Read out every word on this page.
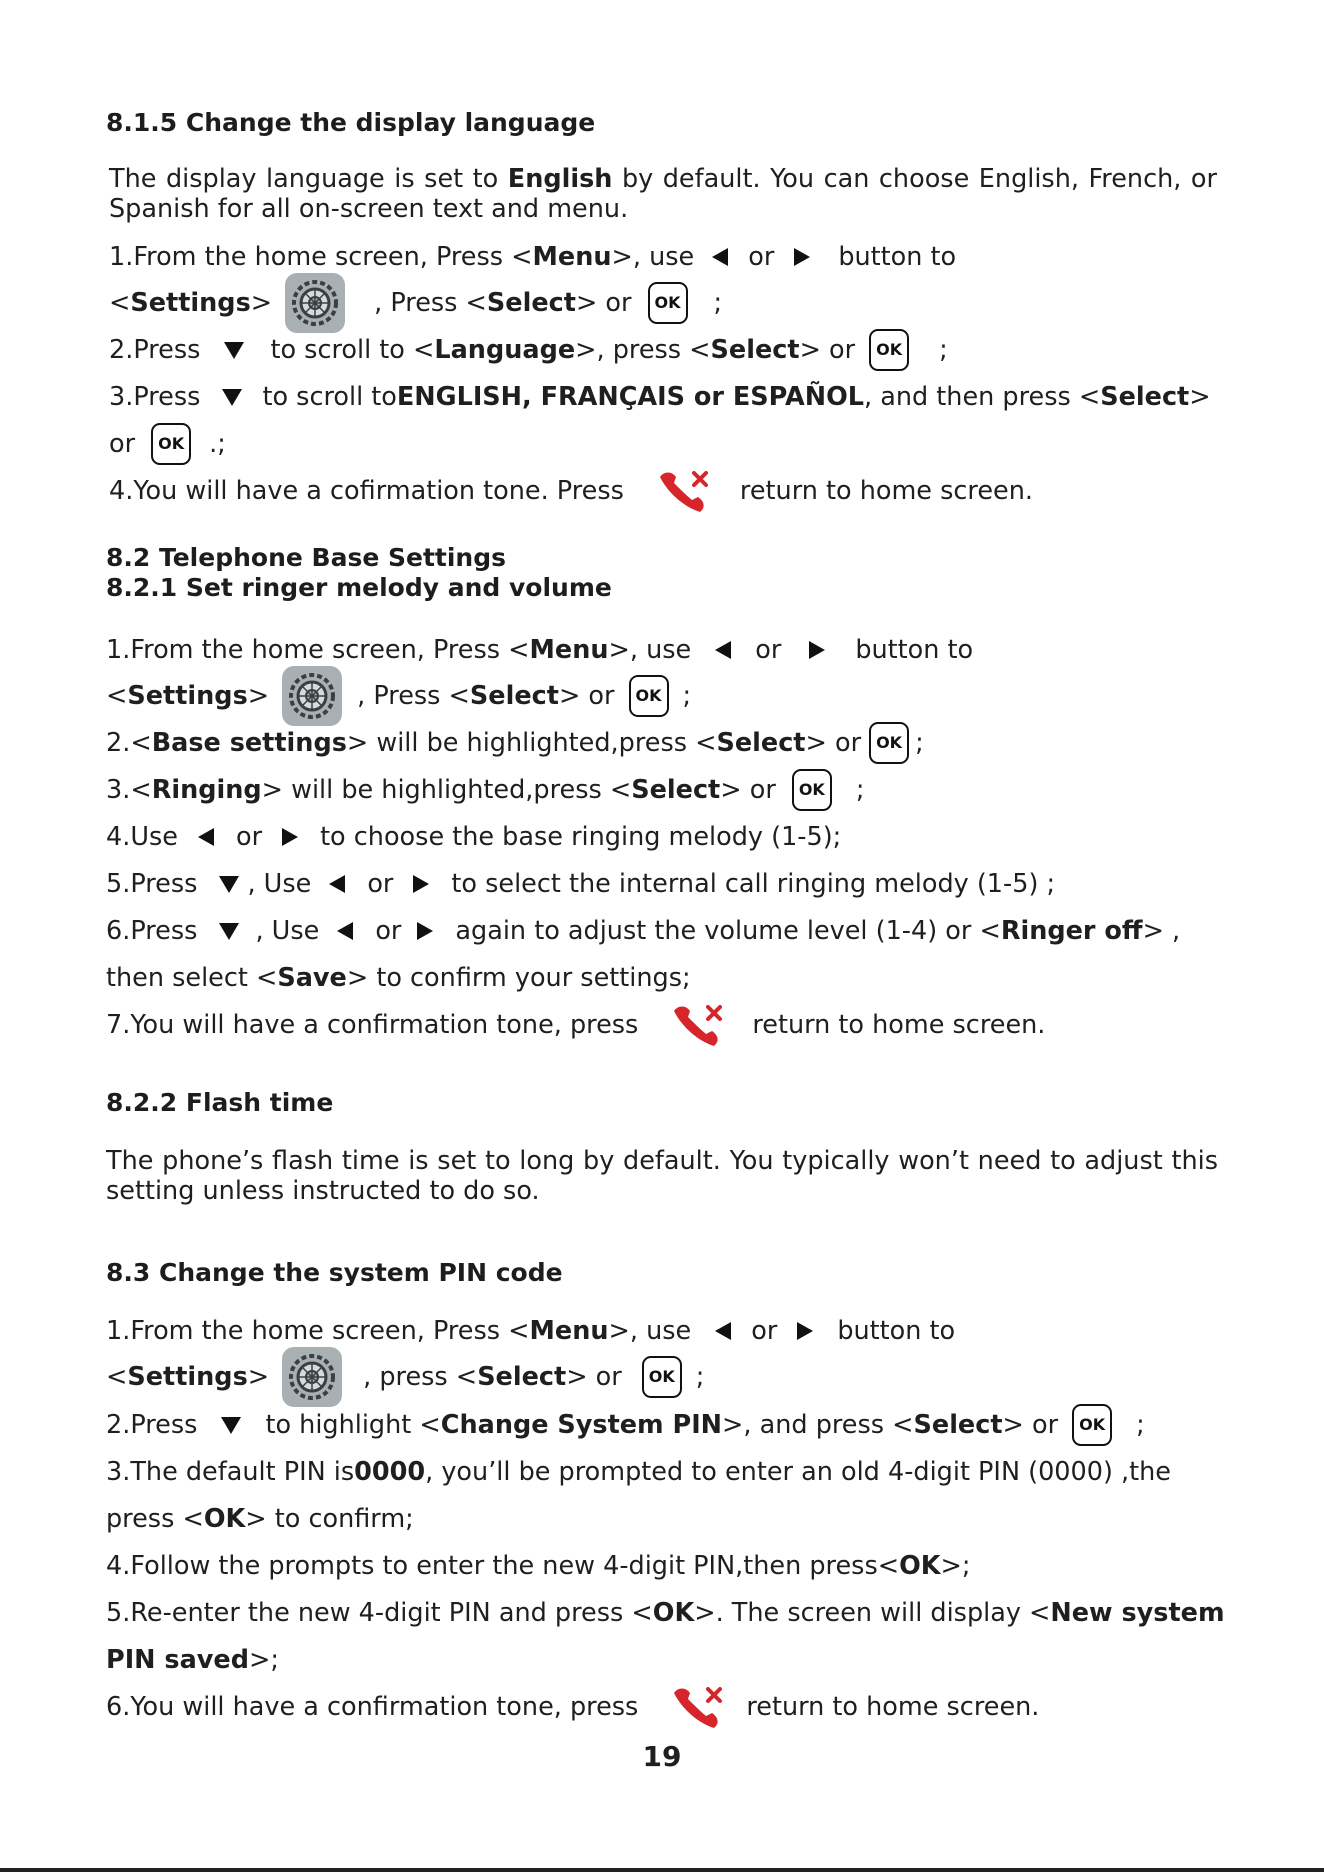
8.1.5 Change the display language
The display language is set to English by default. You can choose English, French, or Spanish for all on-screen text and menu.
1.From the home screen, Press < Menu >, use or	button to
< Settings >	, Press < Select > or	OK ;
2.Press	to scroll to < Language >, press < Select > or	OK ;
3.Press to scroll to ENGLISH, FRANÇAIS or ESPAÑOL , and then press < Select >
or	OK .;
4.You will have a cofirmation tone. Press	return to home screen.
8.2 Telephone Base Settings
8.2.1 Set ringer melody and volume
1.From the home screen, Press < Menu >, use	or	button to
< Settings >	, Press < Select > or	OK ;
2.< Base settings > will be highlighted,press < Select > or OK ;
3.< Ringing > will be highlighted,press < Select > or	OK ;
4.Use or to choose the base ringing melody (1-5);
5.Press , Use or to select the internal call ringing melody (1-5) ;
6.Press , Use or again to adjust the volume level (1-4) or < Ringer off > ,
then select < Save > to confirm your settings;
7.You will have a confirmation tone, press	return to home screen.
8.2.2 Flash time
The phone’s flash time is set to long by default. You typically won’t need to adjust this setting unless instructed to do so.
8.3 Change the system PIN code
1.From the home screen, Press < Menu >, use or button to
< Settings >	, press < Select > or	OK ;
2.Press	to highlight < Change System PIN >, and press < Select > or	OK ;
3.The default PIN is 0000 , you’ll be prompted to enter an old 4-digit PIN (0000) ,the
press < OK > to confirm;
4.Follow the prompts to enter the new 4-digit PIN,then press< OK >;
5.Re-enter the new 4-digit PIN and press < OK >. The screen will display < New system
PIN saved >;
6.You will have a confirmation tone, press	return to home screen.
19
